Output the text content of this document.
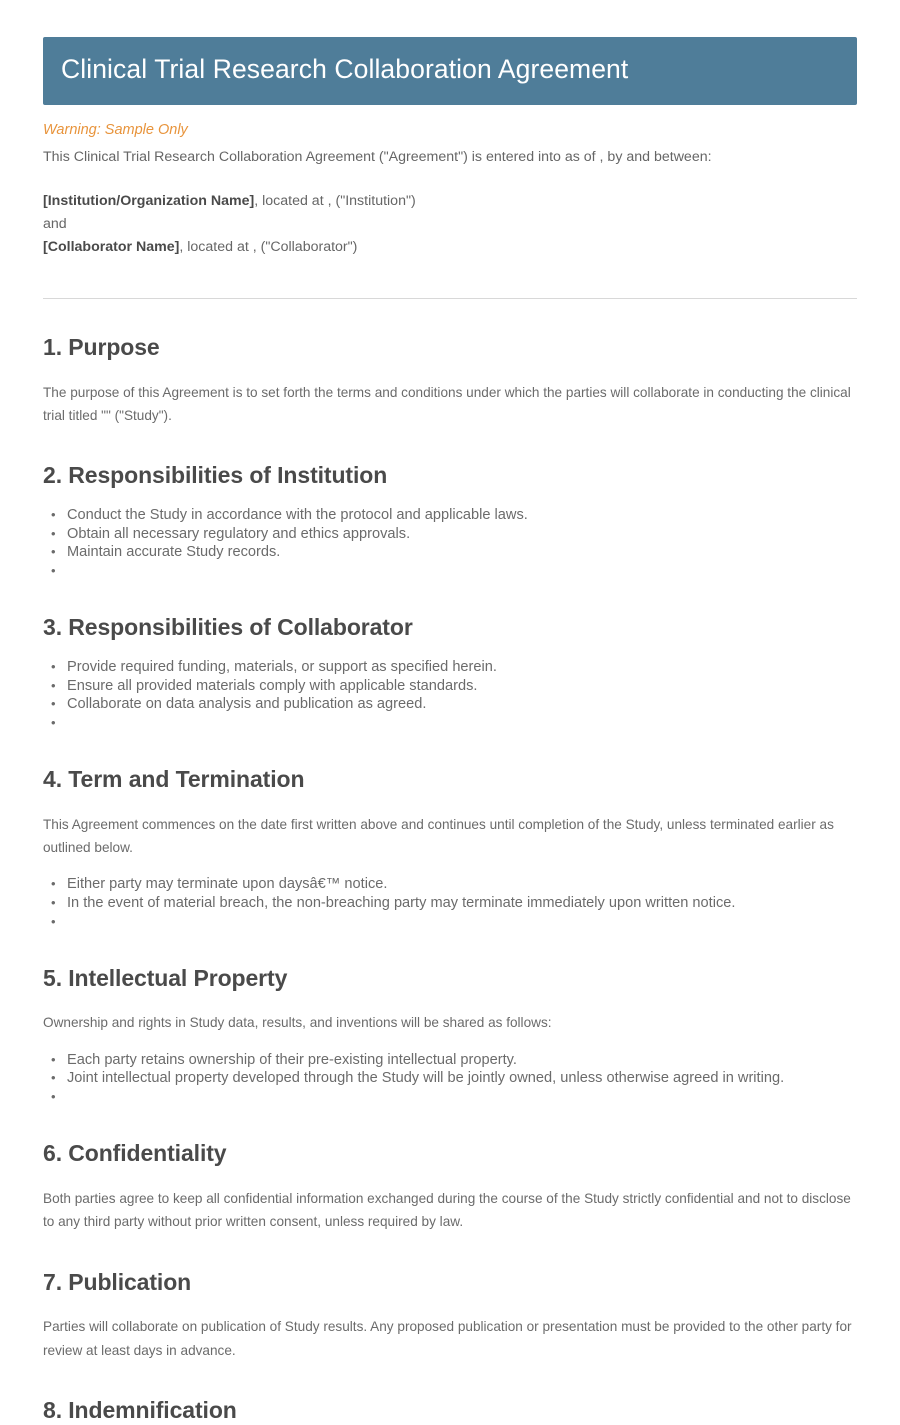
Clinical Trial Research Collaboration Agreement

Warning: Sample Only

This Clinical Trial Research Collaboration Agreement ("Agreement") is entered into as of , by and between:

[Institution/Organization Name], located at , ("Institution")

and

[Collaborator Name], located at , ("Collaborator")

1. Purpose

The purpose of this Agreement is to set forth the terms and conditions under which the parties will collaborate in conducting the clinical trial titled "" ("Study").

2. Responsibilities of Institution
• Conduct the Study in accordance with the protocol and applicable laws.
• Obtain all necessary regulatory and ethics approvals.
• Maintain accurate Study records.
•
3. Responsibilities of Collaborator
• Provide required funding, materials, or support as specified herein.
• Ensure all provided materials comply with applicable standards.
• Collaborate on data analysis and publication as agreed.
•
4. Term and Termination

This Agreement commences on the date first written above and continues until completion of the Study, unless terminated earlier as outlined below.

• Either party may terminate upon daysâ€™ notice.
• In the event of material breach, the non-breaching party may terminate immediately upon written notice.
•
5. Intellectual Property

Ownership and rights in Study data, results, and inventions will be shared as follows:

• Each party retains ownership of their pre-existing intellectual property.
• Joint intellectual property developed through the Study will be jointly owned, unless otherwise agreed in writing.
•
6. Confidentiality

Both parties agree to keep all confidential information exchanged during the course of the Study strictly confidential and not to disclose to any third party without prior written consent, unless required by law.

7. Publication

Parties will collaborate on publication of Study results. Any proposed publication or presentation must be provided to the other party for review at least days in advance.

8. Indemnification
